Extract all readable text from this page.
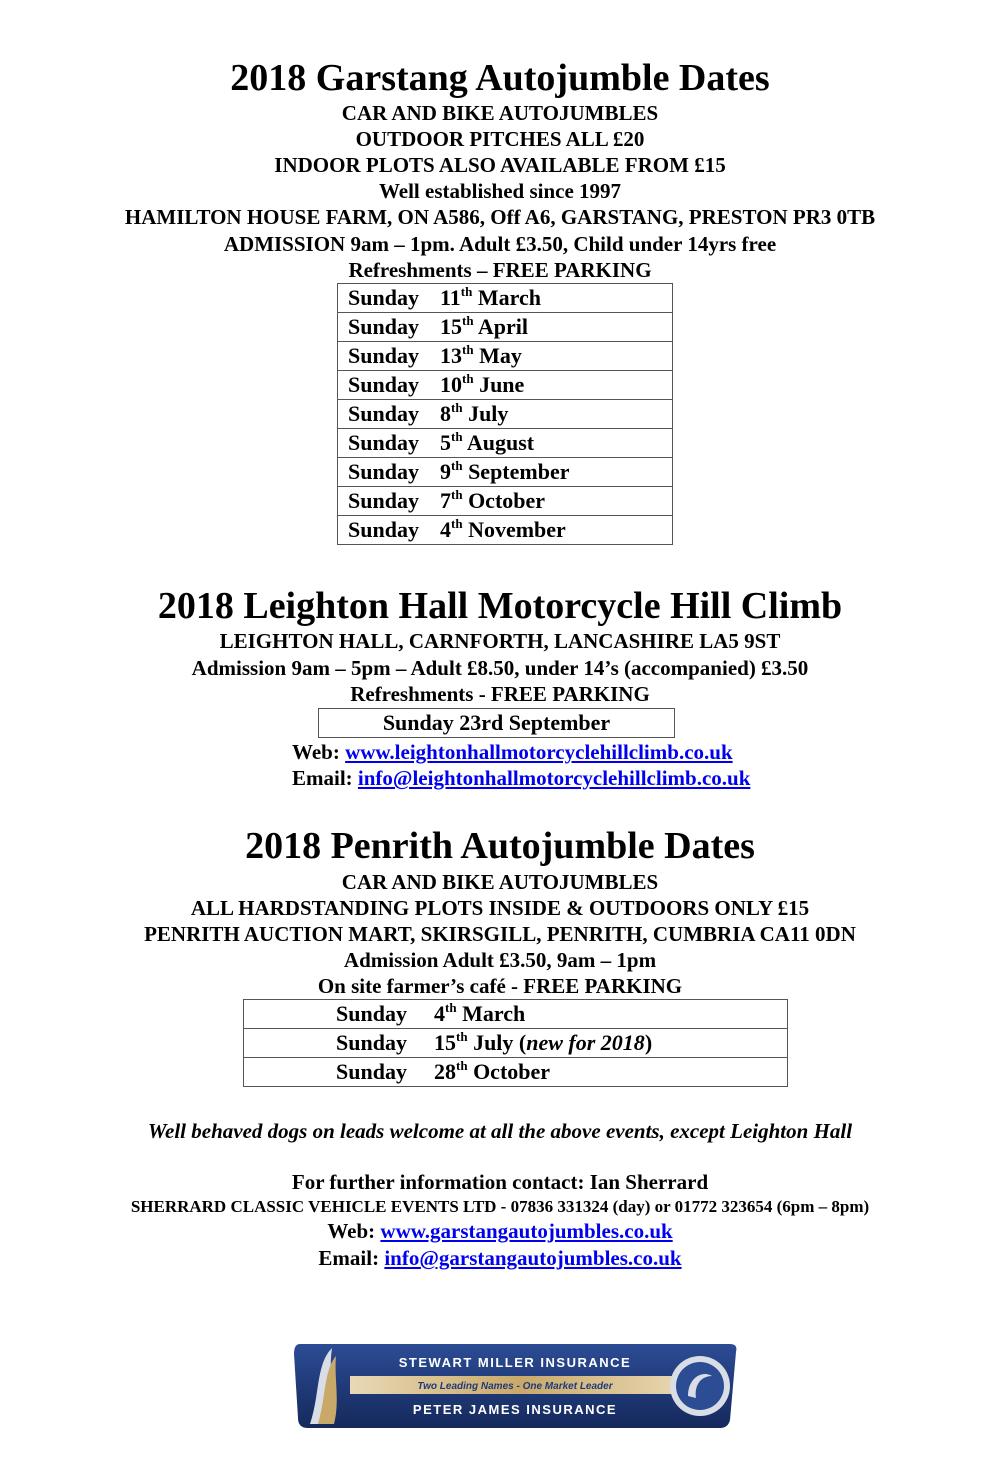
2018 Garstang Autojumble Dates
CAR AND BIKE AUTOJUMBLES
OUTDOOR PITCHES ALL £20
INDOOR PLOTS ALSO AVAILABLE FROM £15
Well established since 1997
HAMILTON HOUSE FARM, ON A586, Off A6, GARSTANG, PRESTON PR3 0TB
ADMISSION 9am – 1pm. Adult £3.50, Child under 14yrs free
Refreshments – FREE PARKING
Sunday 11th March
Sunday 15th April
Sunday 13th May
Sunday 10th June
Sunday 8th July
Sunday 5th August
Sunday 9th September
Sunday 7th October
Sunday 4th November
2018 Leighton Hall Motorcycle Hill Climb
LEIGHTON HALL, CARNFORTH, LANCASHIRE LA5 9ST
Admission 9am – 5pm – Adult £8.50, under 14’s (accompanied) £3.50
Refreshments - FREE PARKING
Sunday 23rd September
Web: www.leightonhallmotorcyclehillclimb.co.uk
Email: info@leightonhallmotorcyclehillclimb.co.uk
2018 Penrith Autojumble Dates
CAR AND BIKE AUTOJUMBLES
ALL HARDSTANDING PLOTS INSIDE & OUTDOORS ONLY £15
PENRITH AUCTION MART, SKIRSGILL, PENRITH, CUMBRIA CA11 0DN
Admission Adult £3.50, 9am – 1pm
On site farmer’s café - FREE PARKING
Sunday 4th March
Sunday 15th July (new for 2018)
Sunday 28th October
Well behaved dogs on leads welcome at all the above events, except Leighton Hall
For further information contact: Ian Sherrard
SHERRARD CLASSIC VEHICLE EVENTS LTD - 07836 331324 (day) or 01772 323654 (6pm – 8pm)
Web: www.garstangautojumbles.co.uk
Email: info@garstangautojumbles.co.uk
STEWART MILLER INSURANCE
Two Leading Names - One Market Leader
PETER JAMES INSURANCE
